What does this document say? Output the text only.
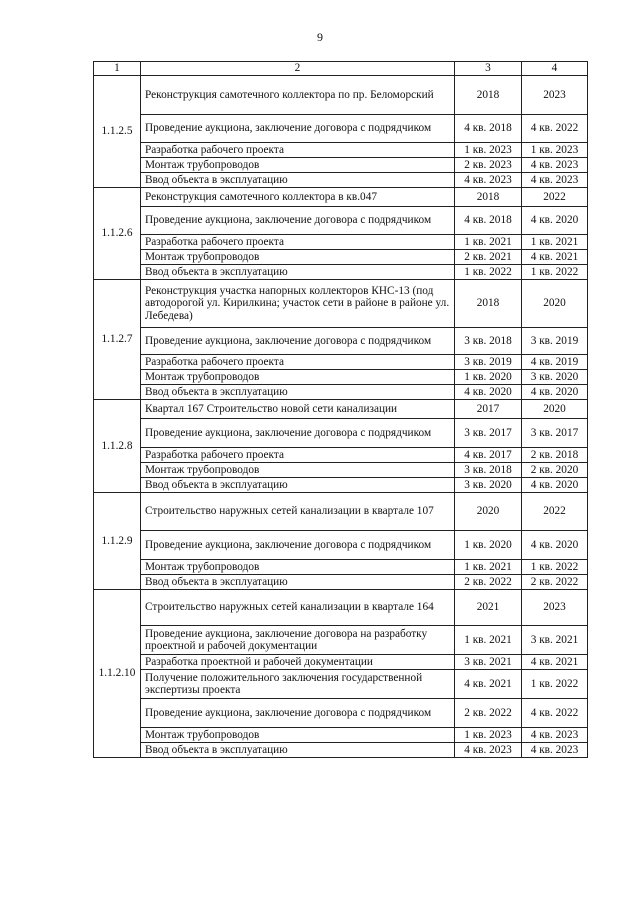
9
1	2	3	4
1.1.2.5	Реконструкция самотечного коллектора по пр. Беломорский	2018	2023
	Проведение аукциона, заключение договора с подрядчиком	4 кв. 2018	4 кв. 2022
	Разработка рабочего проекта	1 кв. 2023	1 кв. 2023
	Монтаж трубопроводов	2 кв. 2023	4 кв. 2023
	Ввод объекта в эксплуатацию	4 кв. 2023	4 кв. 2023
1.1.2.6	Реконструкция самотечного коллектора в кв.047	2018	2022
	Проведение аукциона, заключение договора с подрядчиком	4 кв. 2018	4 кв. 2020
	Разработка рабочего проекта	1 кв. 2021	1 кв. 2021
	Монтаж трубопроводов	2 кв. 2021	4 кв. 2021
	Ввод объекта в эксплуатацию	1 кв. 2022	1 кв. 2022
1.1.2.7	Реконструкция участка напорных коллекторов КНС-13 (под автодорогой ул. Кирилкина; участок сети в районе в районе ул. Лебедева)	2018	2020
	Проведение аукциона, заключение договора с подрядчиком	3 кв. 2018	3 кв. 2019
	Разработка рабочего проекта	3 кв. 2019	4 кв. 2019
	Монтаж трубопроводов	1 кв. 2020	3 кв. 2020
	Ввод объекта в эксплуатацию	4 кв. 2020	4 кв. 2020
1.1.2.8	Квартал 167 Строительство новой сети канализации	2017	2020
	Проведение аукциона, заключение договора с подрядчиком	3 кв. 2017	3 кв. 2017
	Разработка рабочего проекта	4 кв. 2017	2 кв. 2018
	Монтаж трубопроводов	3 кв. 2018	2 кв. 2020
	Ввод объекта в эксплуатацию	3 кв. 2020	4 кв. 2020
1.1.2.9	Строительство наружных сетей канализации в квартале 107	2020	2022
	Проведение аукциона, заключение договора с подрядчиком	1 кв. 2020	4 кв. 2020
	Монтаж трубопроводов	1 кв. 2021	1 кв. 2022
	Ввод объекта в эксплуатацию	2 кв. 2022	2 кв. 2022
1.1.2.10	Строительство наружных сетей канализации в квартале 164	2021	2023
	Проведение аукциона, заключение договора на разработку проектной и рабочей документации	1 кв. 2021	3 кв. 2021
	Разработка проектной и рабочей документации	3 кв. 2021	4 кв. 2021
	Получение положительного заключения государственной экспертизы проекта	4 кв. 2021	1 кв. 2022
	Проведение аукциона, заключение договора с подрядчиком	2 кв. 2022	4 кв. 2022
	Монтаж трубопроводов	1 кв. 2023	4 кв. 2023
	Ввод объекта в эксплуатацию	4 кв. 2023	4 кв. 2023
